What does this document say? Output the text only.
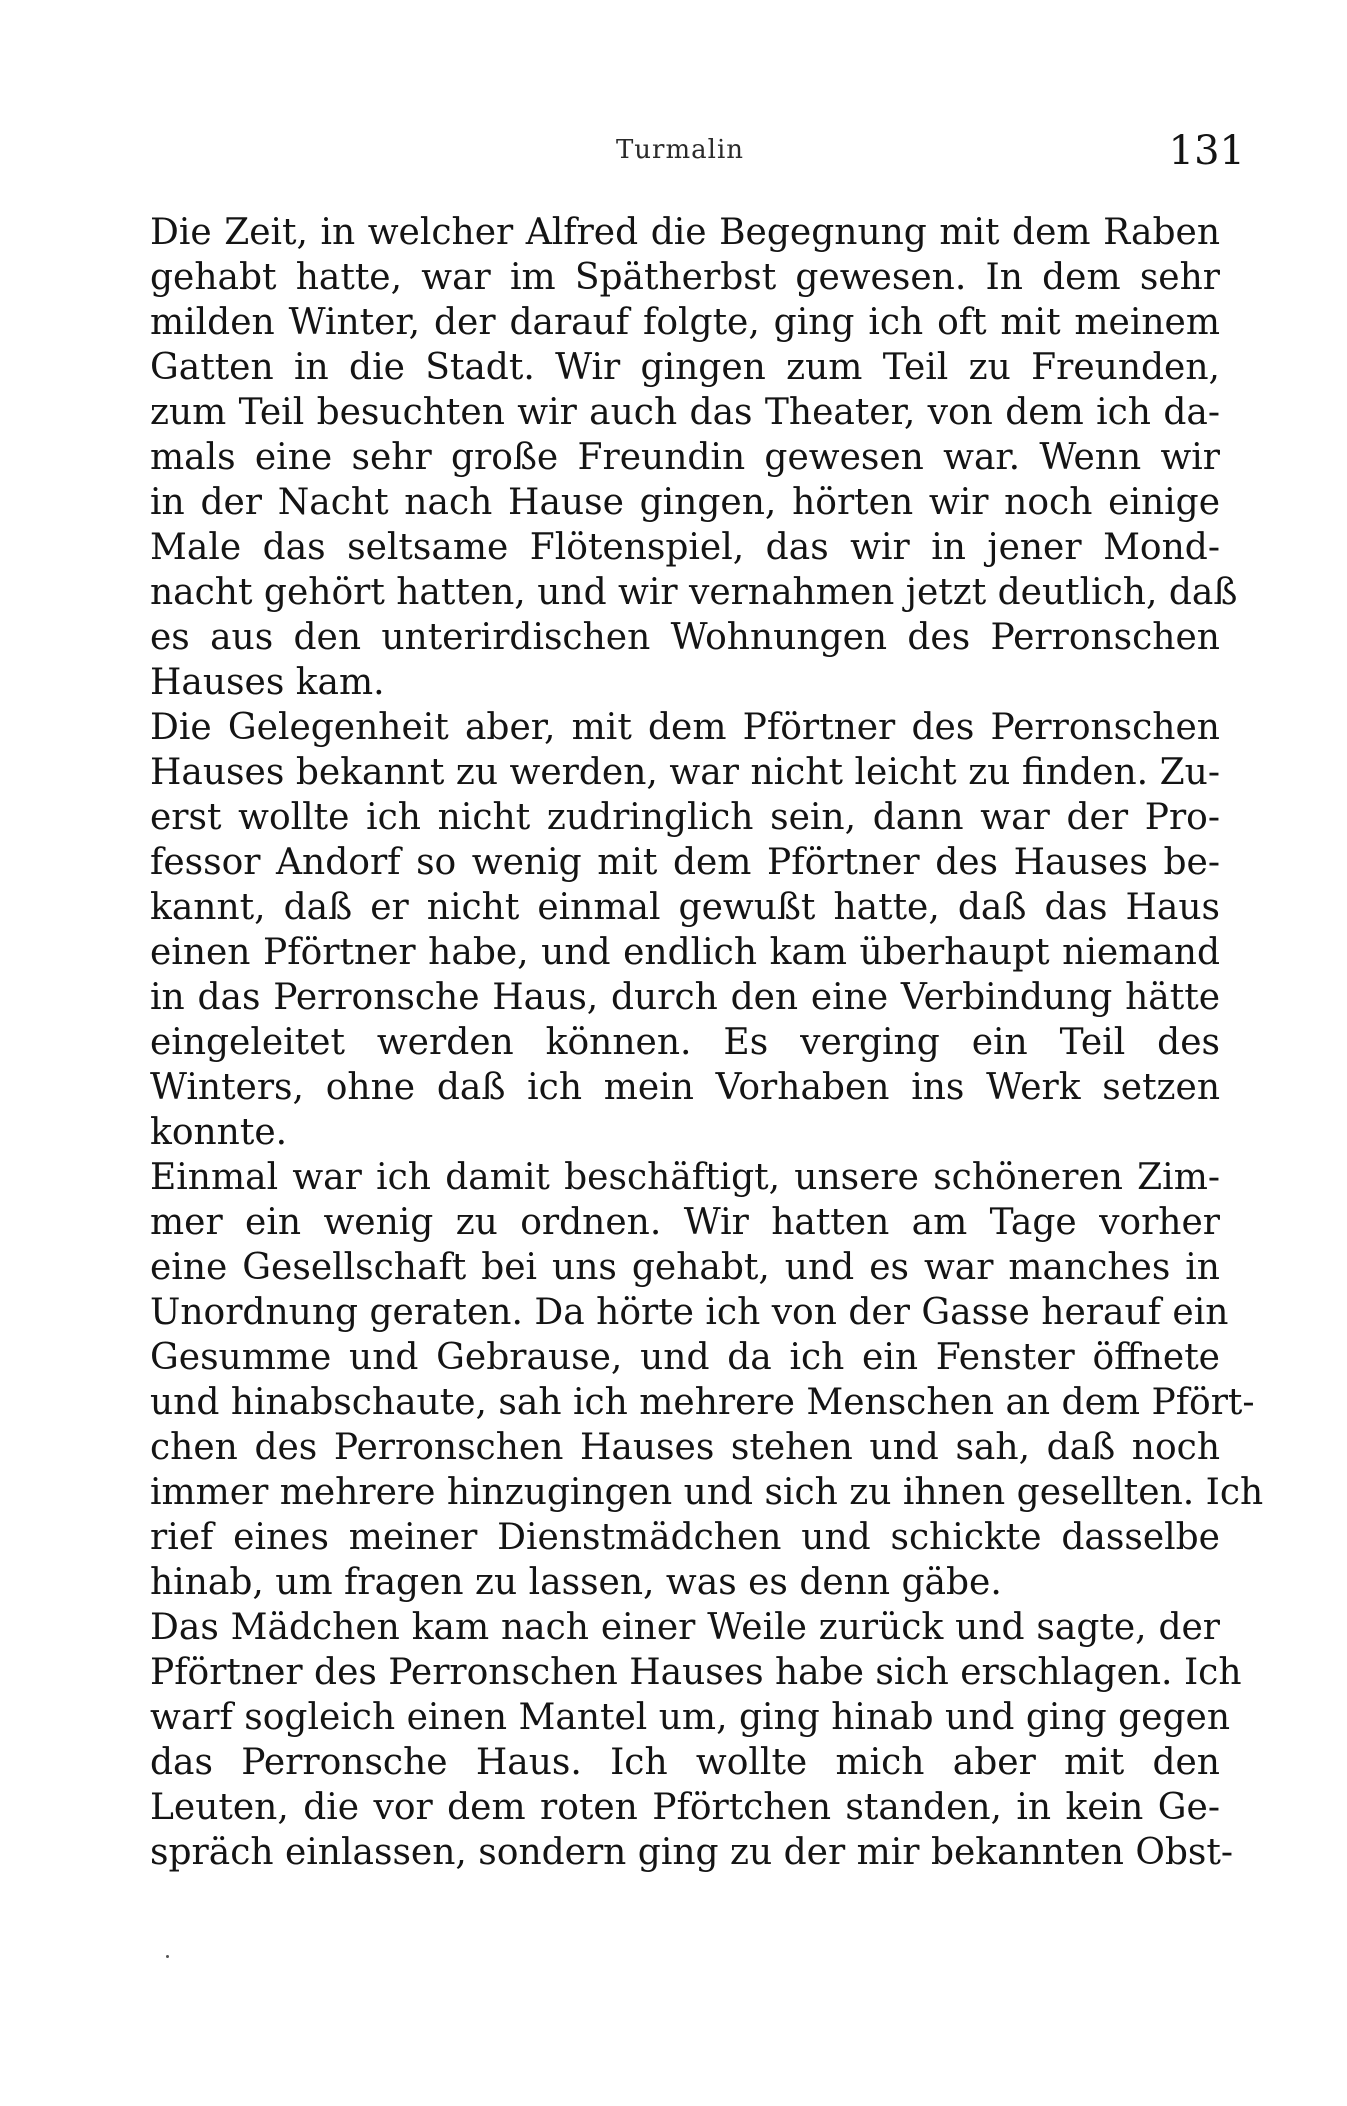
Turmalin	131
Die Zeit, in welcher Alfred die Begegnung mit dem Raben
gehabt hatte, war im Spätherbst gewesen. In dem sehr
milden Winter, der darauf folgte, ging ich oft mit meinem
Gatten in die Stadt. Wir gingen zum Teil zu Freunden,
zum Teil besuchten wir auch das Theater, von dem ich da-
mals eine sehr große Freundin gewesen war. Wenn wir
in der Nacht nach Hause gingen, hörten wir noch einige
Male das seltsame Flötenspiel, das wir in jener Mond-
nacht gehört hatten, und wir vernahmen jetzt deutlich, daß
es aus den unterirdischen Wohnungen des Perronschen
Hauses kam.
Die Gelegenheit aber, mit dem Pförtner des Perronschen
Hauses bekannt zu werden, war nicht leicht zu finden. Zu-
erst wollte ich nicht zudringlich sein, dann war der Pro-
fessor Andorf so wenig mit dem Pförtner des Hauses be-
kannt, daß er nicht einmal gewußt hatte, daß das Haus
einen Pförtner habe, und endlich kam überhaupt niemand
in das Perronsche Haus, durch den eine Verbindung hätte
eingeleitet werden können. Es verging ein Teil des
Winters, ohne daß ich mein Vorhaben ins Werk setzen
konnte.
Einmal war ich damit beschäftigt, unsere schöneren Zim-
mer ein wenig zu ordnen. Wir hatten am Tage vorher
eine Gesellschaft bei uns gehabt, und es war manches in
Unordnung geraten. Da hörte ich von der Gasse herauf ein
Gesumme und Gebrause, und da ich ein Fenster öffnete
und hinabschaute, sah ich mehrere Menschen an dem Pfört-
chen des Perronschen Hauses stehen und sah, daß noch
immer mehrere hinzugingen und sich zu ihnen gesellten. Ich
rief eines meiner Dienstmädchen und schickte dasselbe
hinab, um fragen zu lassen, was es denn gäbe.
Das Mädchen kam nach einer Weile zurück und sagte, der
Pförtner des Perronschen Hauses habe sich erschlagen. Ich
warf sogleich einen Mantel um, ging hinab und ging gegen
das Perronsche Haus. Ich wollte mich aber mit den
Leuten, die vor dem roten Pförtchen standen, in kein Ge-
spräch einlassen, sondern ging zu der mir bekannten Obst-
